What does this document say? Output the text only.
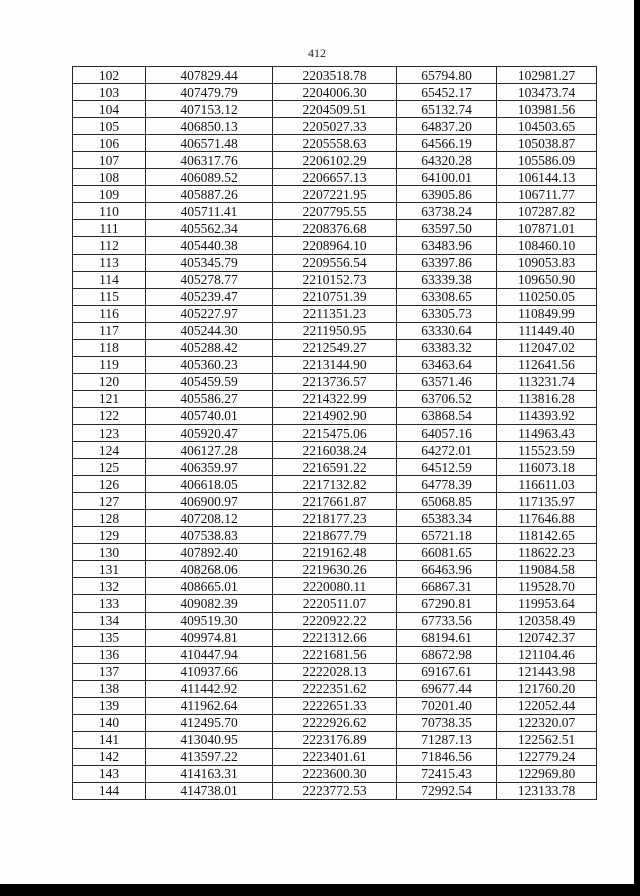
412
102	407829.44	2203518.78	65794.80	102981.27
103	407479.79	2204006.30	65452.17	103473.74
104	407153.12	2204509.51	65132.74	103981.56
105	406850.13	2205027.33	64837.20	104503.65
106	406571.48	2205558.63	64566.19	105038.87
107	406317.76	2206102.29	64320.28	105586.09
108	406089.52	2206657.13	64100.01	106144.13
109	405887.26	2207221.95	63905.86	106711.77
110	405711.41	2207795.55	63738.24	107287.82
111	405562.34	2208376.68	63597.50	107871.01
112	405440.38	2208964.10	63483.96	108460.10
113	405345.79	2209556.54	63397.86	109053.83
114	405278.77	2210152.73	63339.38	109650.90
115	405239.47	2210751.39	63308.65	110250.05
116	405227.97	2211351.23	63305.73	110849.99
117	405244.30	2211950.95	63330.64	111449.40
118	405288.42	2212549.27	63383.32	112047.02
119	405360.23	2213144.90	63463.64	112641.56
120	405459.59	2213736.57	63571.46	113231.74
121	405586.27	2214322.99	63706.52	113816.28
122	405740.01	2214902.90	63868.54	114393.92
123	405920.47	2215475.06	64057.16	114963.43
124	406127.28	2216038.24	64272.01	115523.59
125	406359.97	2216591.22	64512.59	116073.18
126	406618.05	2217132.82	64778.39	116611.03
127	406900.97	2217661.87	65068.85	117135.97
128	407208.12	2218177.23	65383.34	117646.88
129	407538.83	2218677.79	65721.18	118142.65
130	407892.40	2219162.48	66081.65	118622.23
131	408268.06	2219630.26	66463.96	119084.58
132	408665.01	2220080.11	66867.31	119528.70
133	409082.39	2220511.07	67290.81	119953.64
134	409519.30	2220922.22	67733.56	120358.49
135	409974.81	2221312.66	68194.61	120742.37
136	410447.94	2221681.56	68672.98	121104.46
137	410937.66	2222028.13	69167.61	121443.98
138	411442.92	2222351.62	69677.44	121760.20
139	411962.64	2222651.33	70201.40	122052.44
140	412495.70	2222926.62	70738.35	122320.07
141	413040.95	2223176.89	71287.13	122562.51
142	413597.22	2223401.61	71846.56	122779.24
143	414163.31	2223600.30	72415.43	122969.80
144	414738.01	2223772.53	72992.54	123133.78
